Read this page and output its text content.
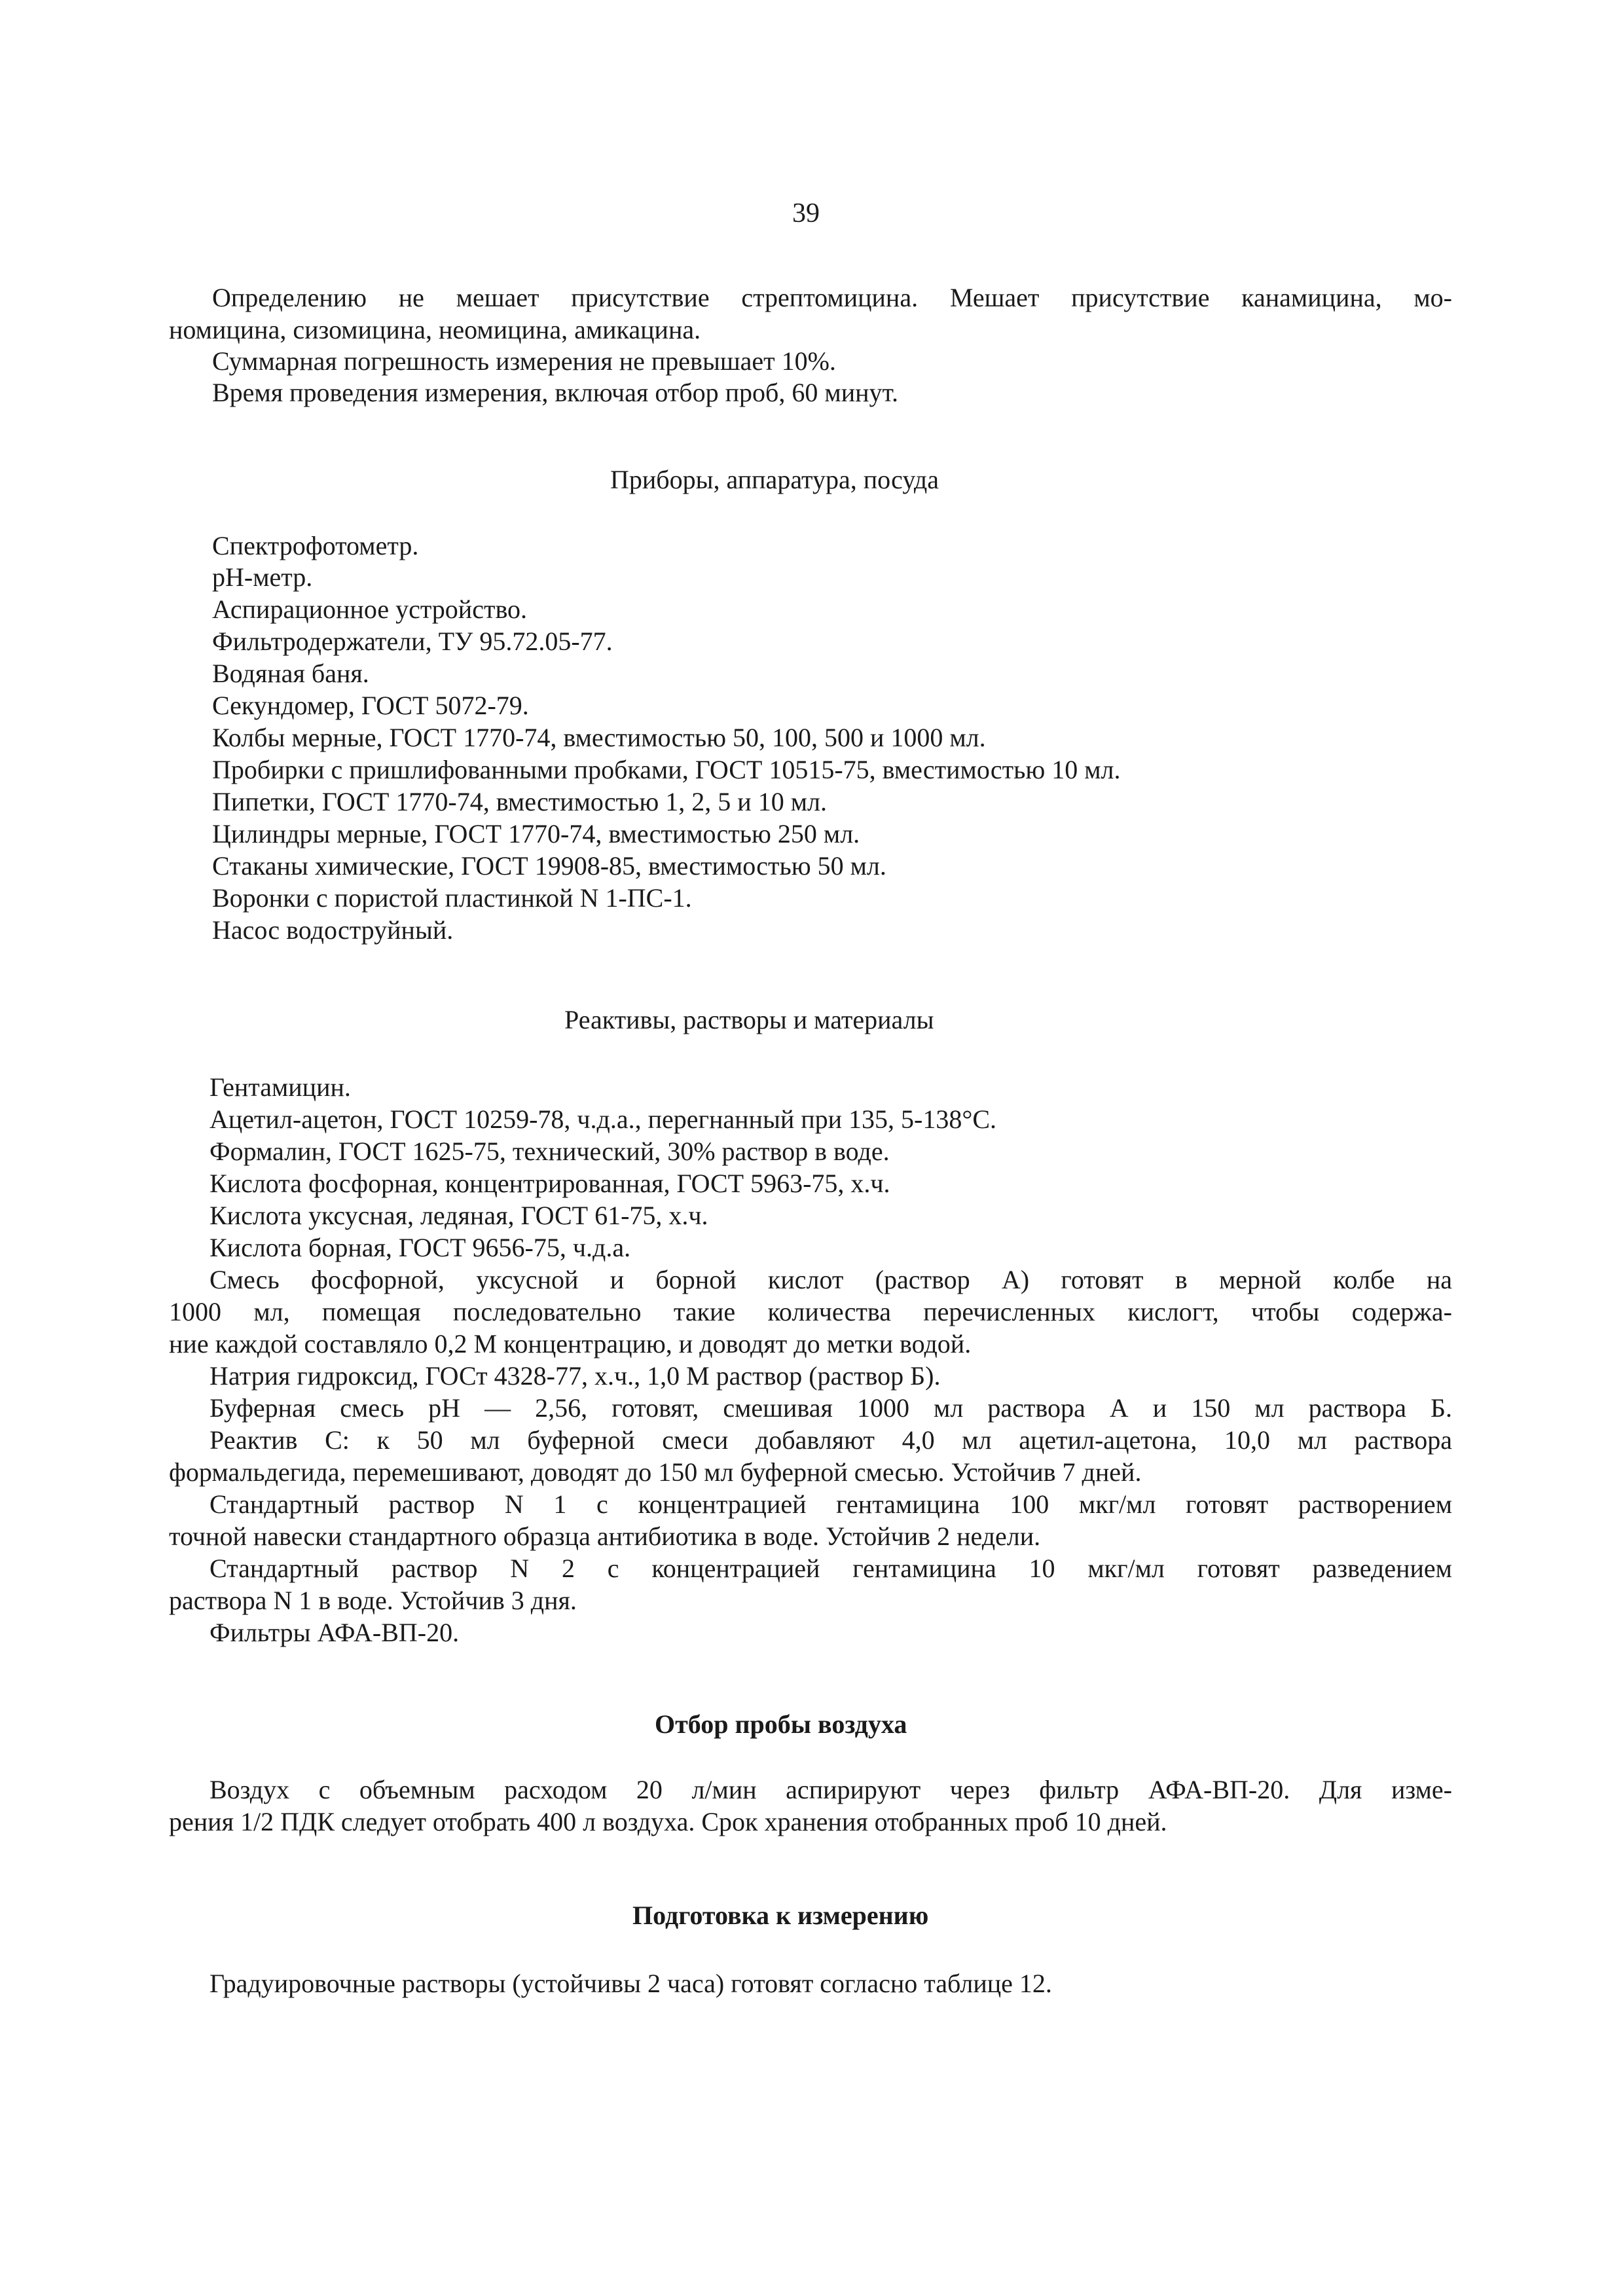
39
Определению не мешает присутствие стрептомицина. Мешает присутствие канамицина, мо-
номицина, сизомицина, неомицина, амикацина.
Суммарная погрешность измерения не превышает 10%.
Время проведения измерения, включая отбор проб, 60 минут.
Приборы, аппаратура, посуда
Спектрофотометр.
pH-метр.
Аспирационное устройство.
Фильтродержатели, ТУ 95.72.05-77.
Водяная баня.
Секундомер, ГОСТ 5072-79.
Колбы мерные, ГОСТ 1770-74, вместимостью 50, 100, 500 и 1000 мл.
Пробирки с пришлифованными пробками, ГОСТ 10515-75, вместимостью 10 мл.
Пипетки, ГОСТ 1770-74, вместимостью 1, 2, 5 и 10 мл.
Цилиндры мерные, ГОСТ 1770-74, вместимостью 250 мл.
Стаканы химические, ГОСТ 19908-85, вместимостью 50 мл.
Воронки с пористой пластинкой N 1-ПС-1.
Насос водоструйный.
Реактивы, растворы и материалы
Гентамицин.
Ацетил-ацетон, ГОСТ 10259-78, ч.д.а., перегнанный при 135, 5-138°С.
Формалин, ГОСТ 1625-75, технический, 30% раствор в воде.
Кислота фосфорная, концентрированная, ГОСТ 5963-75, х.ч.
Кислота уксусная, ледяная, ГОСТ 61-75, х.ч.
Кислота борная, ГОСТ 9656-75, ч.д.а.
Смесь фосфорной, уксусной и борной кислот (раствор А) готовят в мерной колбе на
1000 мл, помещая последовательно такие количества перечисленных кислогт, чтобы содержа-
ние каждой составляло 0,2 М концентрацию, и доводят до метки водой.
Натрия гидроксид, ГОСт 4328-77, х.ч., 1,0 М раствор (раствор Б).
Буферная смесь pH — 2,56, готовят, смешивая 1000 мл раствора А и 150 мл раствора Б.
Реактив С: к 50 мл буферной смеси добавляют 4,0 мл ацетил-ацетона, 10,0 мл раствора
формальдегида, перемешивают, доводят до 150 мл буферной смесью. Устойчив 7 дней.
Стандартный раствор N 1 с концентрацией гентамицина 100 мкг/мл готовят растворением
точной навески стандартного образца антибиотика в воде. Устойчив 2 недели.
Стандартный раствор N 2 с концентрацией гентамицина 10 мкг/мл готовят разведением
раствора N 1 в воде. Устойчив 3 дня.
Фильтры АФА-ВП-20.
Отбор пробы воздуха
Воздух с объемным расходом 20 л/мин аспирируют через фильтр АФА-ВП-20. Для изме-
рения 1/2 ПДК следует отобрать 400 л воздуха. Срок хранения отобранных проб 10 дней.
Подготовка к измерению
Градуировочные растворы (устойчивы 2 часа) готовят согласно таблице 12.
